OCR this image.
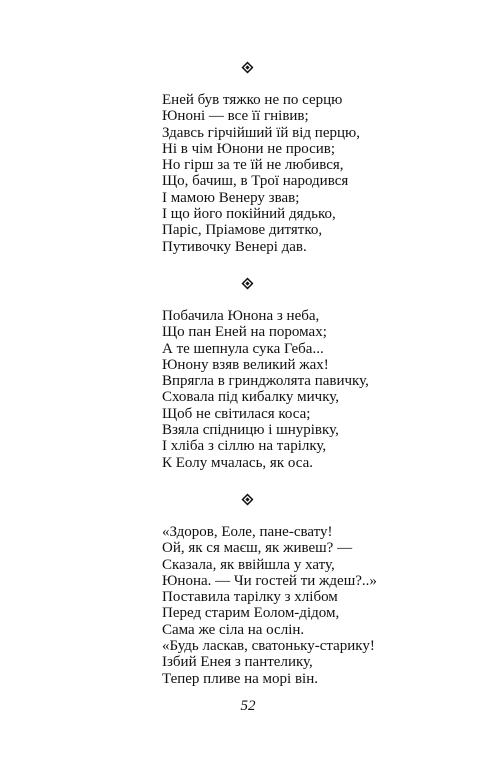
Еней був тяжко не по серцю
Юноні — все її гнівив;
Здавсь гірчійший їй від перцю,
Ні в чім Юнони не просив;
Но гірш за те їй не любився,
Що, бачиш, в Трої народився
І мамою Венеру звав;
І що його покійний дядько,
Паріс, Пріамове дитятко,
Путивочку Венері дав.
Побачила Юнона з неба,
Що пан Еней на поромах;
А те шепнула сука Геба...
Юнону взяв великий жах!
Впрягла в гринджолята павичку,
Сховала під кибалку мичку,
Щоб не світилася коса;
Взяла спідницю і шнурівку,
І хліба з сіллю на тарілку,
К Еолу мчалась, як оса.
«Здоров, Еоле, пане-свату!
Ой, як ся маєш, як живеш? —
Сказала, як ввійшла у хату,
Юнона. — Чи гостей ти ждеш?..»
Поставила тарілку з хлібом
Перед старим Еолом-дідом,
Сама же сіла на ослін.
«Будь ласкав, сватоньку-старику!
Ізбий Енея з пантелику,
Тепер пливе на морі він.
52
